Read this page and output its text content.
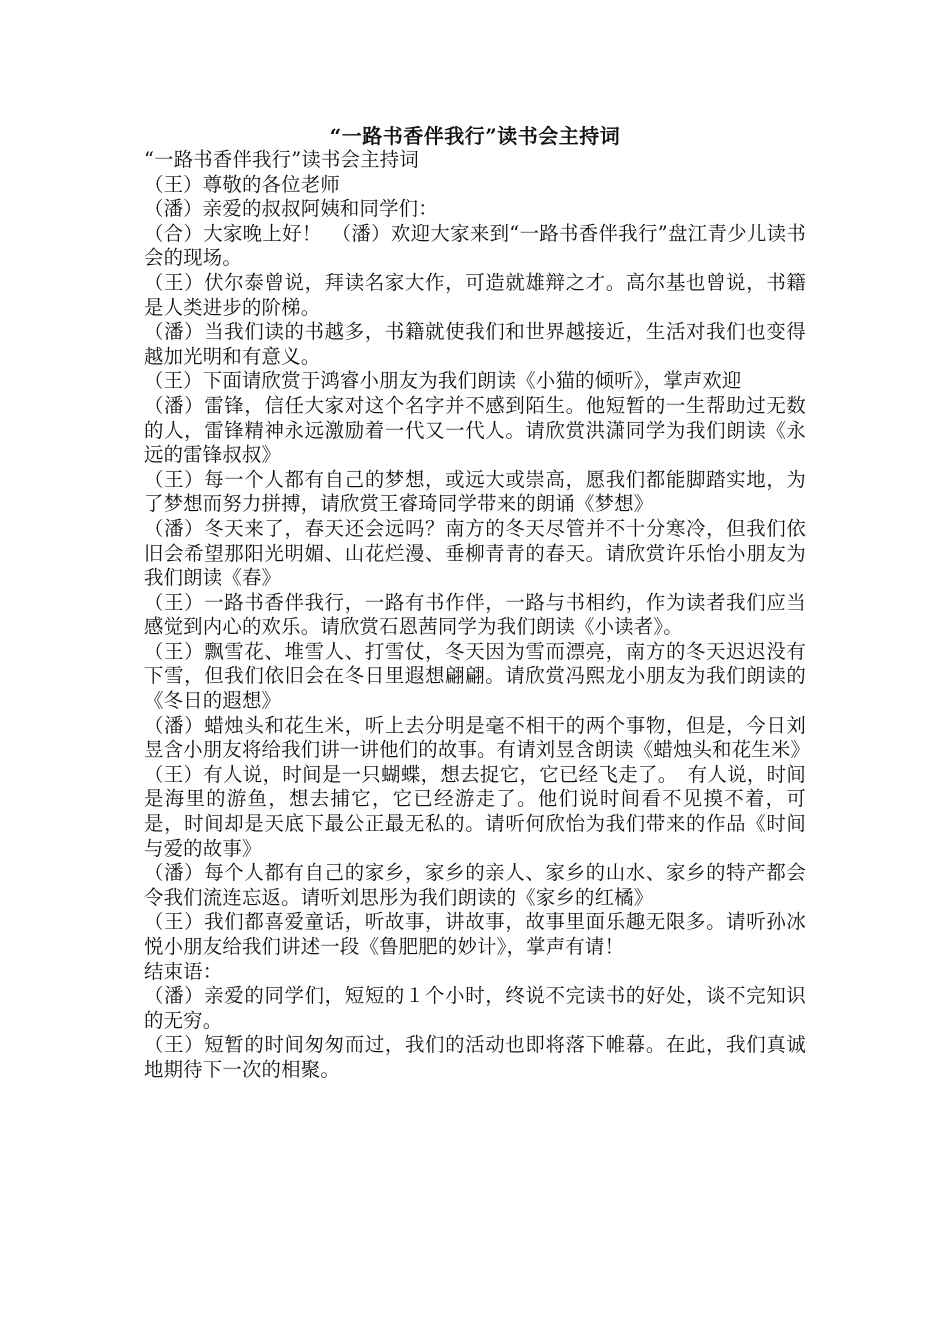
“一路书香伴我行”读书会主持词

“一路书香伴我行”读书会主持词

（王）尊敬的各位老师

（潘）亲爱的叔叔阿姨和同学们：

（合）大家晚上好！　（潘）欢迎大家来到“一路书香伴我行”盘江青少儿读书会的现场。

（王）伏尔泰曾说，拜读名家大作，可造就雄辩之才。高尔基也曾说，书籍是人类进步的阶梯。

（潘）当我们读的书越多，书籍就使我们和世界越接近，生活对我们也变得越加光明和有意义。

（王）下面请欣赏于鸿睿小朋友为我们朗读《小猫的倾听》，掌声欢迎

（潘）雷锋，信任大家对这个名字并不感到陌生。他短暂的一生帮助过无数的人，雷锋精神永远激励着一代又一代人。请欣赏洪潇同学为我们朗读《永远的雷锋叔叔》

（王）每一个人都有自己的梦想，或远大或崇高，愿我们都能脚踏实地，为了梦想而努力拼搏，请欣赏王睿琦同学带来的朗诵《梦想》

（潘）冬天来了，春天还会远吗？南方的冬天尽管并不十分寒冷，但我们依旧会希望那阳光明媚、山花烂漫、垂柳青青的春天。请欣赏许乐怡小朋友为我们朗读《春》

（王）一路书香伴我行，一路有书作伴，一路与书相约，作为读者我们应当感觉到内心的欢乐。请欣赏石恩茜同学为我们朗读《小读者》。

（王）飘雪花、堆雪人、打雪仗，冬天因为雪而漂亮，南方的冬天迟迟没有下雪，但我们依旧会在冬日里遐想翩翩。请欣赏冯熙龙小朋友为我们朗读的《冬日的遐想》

（潘）蜡烛头和花生米，听上去分明是毫不相干的两个事物，但是，今日刘昱含小朋友将给我们讲一讲他们的故事。有请刘昱含朗读《蜡烛头和花生米》

（王）有人说，时间是一只蝴蝶，想去捉它，它已经飞走了。　有人说，时间是海里的游鱼，想去捕它，它已经游走了。他们说时间看不见摸不着，可是，时间却是天底下最公正最无私的。请听何欣怡为我们带来的作品《时间与爱的故事》

（潘）每个人都有自己的家乡，家乡的亲人、家乡的山水、家乡的特产都会令我们流连忘返。请听刘思彤为我们朗读的《家乡的红橘》

（王）我们都喜爱童话，听故事，讲故事，故事里面乐趣无限多。请听孙冰悦小朋友给我们讲述一段《鲁肥肥的妙计》，掌声有请！

结束语：

（潘）亲爱的同学们，短短的１个小时，终说不完读书的好处，谈不完知识的无穷。

（王）短暂的时间匆匆而过，我们的活动也即将落下帷幕。在此，我们真诚地期待下一次的相聚。
